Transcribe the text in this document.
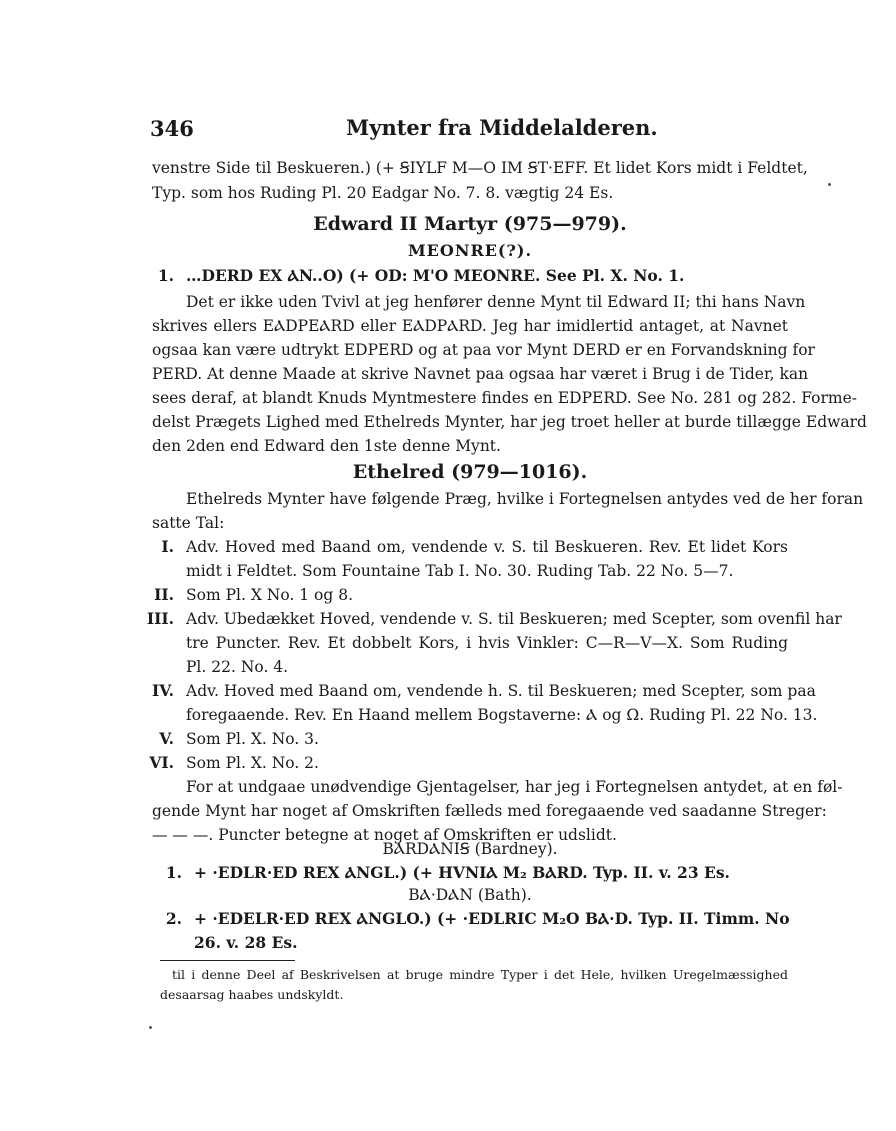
346	Mynter fra Middelalderen.
venstre Side til Beskueren.) (+ ꞨIYLF M—O IM ꞨT·EFF. Et lidet Kors midt i Feldtet,
Typ. som hos Ruding Pl. 20 Eadgar No. 7. 8. vægtig 24 Es.
Edward II Martyr (975—979).
MEONRE(?).
1. …DERD EX ⲀN..O) (+ OD: M'O MEONRE. See Pl. X. No. 1.
Det er ikke uden Tvivl at jeg henfører denne Mynt til Edward II; thi hans Navn
skrives ellers EⲀDPEⲀRD eller EⲀDPⲀRD. Jeg har imidlertid antaget, at Navnet
ogsaa kan være udtrykt EDPERD og at paa vor Mynt DERD er en Forvandskning for
PERD. At denne Maade at skrive Navnet paa ogsaa har været i Brug i de Tider, kan
sees deraf, at blandt Knuds Myntmestere findes en EDPERD. See No. 281 og 282. Forme-
delst Prægets Lighed med Ethelreds Mynter, har jeg troet heller at burde tillægge Edward
den 2den end Edward den 1ste denne Mynt.
Ethelred (979—1016).
Ethelreds Mynter have følgende Præg, hvilke i Fortegnelsen antydes ved de her foran
satte Tal:
I. Adv. Hoved med Baand om, vendende v. S. til Beskueren. Rev. Et lidet Kors
midt i Feldtet. Som Fountaine Tab I. No. 30. Ruding Tab. 22 No. 5—7.
II. Som Pl. X No. 1 og 8.
III. Adv. Ubedækket Hoved, vendende v. S. til Beskueren; med Scepter, som ovenfil har
tre Puncter. Rev. Et dobbelt Kors, i hvis Vinkler: C—R—V—X. Som Ruding
Pl. 22. No. 4.
IV. Adv. Hoved med Baand om, vendende h. S. til Beskueren; med Scepter, som paa
foregaaende. Rev. En Haand mellem Bogstaverne: Ⲁ og Ω. Ruding Pl. 22 No. 13.
V. Som Pl. X. No. 3.
VI. Som Pl. X. No. 2.
For at undgaae unødvendige Gjentagelser, har jeg i Fortegnelsen antydet, at en føl-
gende Mynt har noget af Omskriften fælleds med foregaaende ved saadanne Streger:
— — —. Puncter betegne at noget af Omskriften er udslidt.
BⲀRDⲀNIꞨ (Bardney).
1. + ·EDLR·ED REX ⲀNGL.) (+ HVNIⲀ M₂ BⲀRD. Typ. II. v. 23 Es.
BⲀ·DⲀN (Bath).
2. + ·EDELR·ED REX ⲀNGLO.) (+ ·EDLRIC M₂O BⲀ·D. Typ. II. Timm. No
26. v. 28 Es.
til i denne Deel af Beskrivelsen at bruge mindre Typer i det Hele, hvilken Uregelmæssighed
desaarsag haabes undskyldt.
